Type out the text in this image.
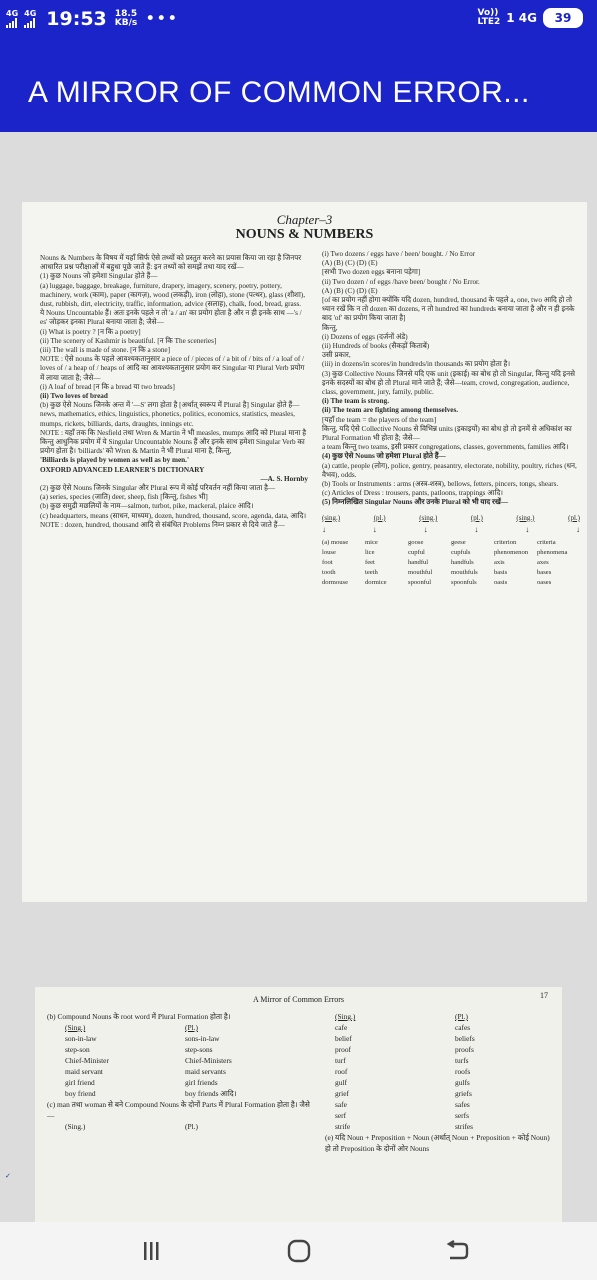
4G 4G 19:53 18.5
KB/s •••	Vo))
LTE2 1 4G 39
A MIRROR OF COMMON ERROR...
Chapter–3
NOUNS & NUMBERS

Nouns & Numbers के विषय में यहाँ सिर्फ ऐसे तथ्यों को प्रस्तुत करने का प्रयास किया जा रहा है जिनपर आधारित प्रश्न परीक्षाओं में बहुधा पूछे जाते हैं: इन तथ्यों को समझें तथा याद रखें—

(1) कुछ Nouns जो हमेशा Singular होते हैं—

(a) luggage, baggage, breakage, furniture, drapery, imagery, scenery, poetry, pottery, machinery, work (काम), paper (कागज़), wood (लकड़ी), iron (लोहा), stone (पत्थर), glass (शीशा), dust, rubbish, dirt, electricity, traffic, information, advice (सलाह), chalk, food, bread, grass.

ये Nouns Uncountable हैं। अतः इनके पहले न तो 'a / an' का प्रयोग होता है और न ही इनके साथ —'s / es' जोड़कर इनका Plural बनाया जाता है; जैसे—

(i) What is poetry ? [न कि a poetry]

(ii) The scenery of Kashmir is beautiful. [न कि The sceneries]

(iii) The wall is made of stone. [न कि a stone]

NOTE : ऐसे nouns के पहले आवश्यकतानुसार a piece of / pieces of / a bit of / bits of / a loaf of / loves of / a heap of / heaps of आदि का आवश्यकतानुसार प्रयोग कर Singular या Plural Verb प्रयोग में लाया जाता है; जैसे—

(i) A loaf of bread [न कि a bread या two breads]

(ii) Two loves of bread

(b) कुछ ऐसे Nouns जिनके अन्त में '—S' लगा होता है [अर्थात् स्वरूप में Plural है] Singular होते हैं—

news, mathematics, ethics, linguistics, phonetics, politics, economics, statistics, measles, mumps, rickets, billiards, darts, draughts, innings etc.

NOTE : यहाँ तक कि Nesfield तथा Wren & Martin ने भी measles, mumps आदि को Plural माना है किन्तु आधुनिक प्रयोग में ये Singular Uncountable Nouns हैं और इनके साथ हमेशा Singular Verb का प्रयोग होता है। 'billiards' को Wren & Martin ने भी Plural माना है, किन्तु,

'Billiards is played by women as well as by men.'

OXFORD ADVANCED LEARNER'S DICTIONARY

—A. S. Hornby

(2) कुछ ऐसे Nouns जिनके Singular और Plural रूप में कोई परिवर्तन नहीं किया जाता है—

(a) series, species (जाति) deer, sheep, fish [किन्तु, fishes भी]

(b) कुछ समुद्री मछलियों के नाम—salmon, turbot, pike, mackeral, plaice आदि।

(c) headquarters, means (साधन, माध्यम), dozen, hundred, thousand, score, agenda, data, आदि।

NOTE : dozen, hundred, thousand आदि से संबंधित Problems निम्न प्रकार से दिये जाते हैं—

(i) Two dozens / eggs have / been/ bought. / No Error

(A) (B) (C) (D) (E)

[सभी Two dozen eggs बनाना पड़ेगा]

(ii) Two dozen / of eggs /have been/ bought / No Error.

(A) (B) (C) (D) (E)

[of का प्रयोग नहीं होगा क्योंकि यदि dozen, hundred, thousand के पहले a, one, two आदि हो तो ध्यान रखें कि न तो dozen का dozens, न तो hundred का hundreds बनाया जाता है और न ही इनके बाद 'of' का प्रयोग किया जाता है]

किन्तु,

(i) Dozens of eggs (दर्जनों अंडे)

(ii) Hundreds of books (सैकड़ों किताबें)

उसी प्रकार,

(iii) in dozens/in scores/in hundreds/in thousands का प्रयोग होता है।

(3) कुछ Collective Nouns जिनसे यदि एक unit (इकाई) का बोध हो तो Singular, किन्तु यदि इनसे इनके सदस्यों का बोध हो तो Plural माने जाते हैं; जैसे—team, crowd, congregation, audience, class, government, jury, family, public.

(i) The team is strong.

(ii) The team are fighting among themselves.

[यहाँ the team = the players of the team]

किन्तु, यदि ऐसे Collective Nouns से विभिन्न units (इकाइयों) का बोध हो तो इनमें से अधिकांश का Plural Formation भी होता है; जैसे—

a team किन्तु two teams, इसी प्रकार congregations, classes, governments, families आदि।

(4) कुछ ऐसे Nouns जो हमेशा Plural होते हैं—

(a) cattle, people (लोग), police, gentry, peasantry, electorate, nobility, poultry, riches (धन, वैभव), odds.

(b) Tools or Instruments : arms (अस्त्र-शस्त्र), bellows, fetters, pincers, tongs, shears.

(c) Articles of Dress : trousers, pants, patloons, trappings आदि।

(5) निम्नलिखित Singular Nouns और उनके Plural को भी याद रखें—

(sing.)	(pl.)	(sing.)	(pl.)	(sing.)	(pl.)
↓	↓	↓	↓	↓	↓
(a) mouse	mice	goose	geese	criterion	criteria
louse	lice	cupful	cupfuls	phenomenon	phenomena
foot	feet	handful	handfuls	axis	axes
tooth	teeth	mouthful	mouthfuls	basis	bases
dormouse	dormice	spoonful	spoonfuls	oasis	oases
A Mirror of Common Errors	17

(b) Compound Nouns के root word में Plural Formation होता है।

(Sing.)	(Pl.)
son-in-law	sons-in-law
step-son	step-sons
Chief-Minister	Chief-Ministers
maid servant	maid servants
girl friend	girl friends
boy friend	boy friends आदि।

(c) man तथा woman से बने Compound Nouns के दोनों Parts में Plural Formation होता है। जैसे—

(Sing.)	(Pl.)
(Sing.)	(Pl.)
cafe	cafes
belief	beliefs
proof	proofs
turf	turfs
roof	roofs
gulf	gulfs
grief	griefs
safe	safes
serf	serfs
strife	strifes

(e) यदि Noun + Preposition + Noun (अर्थात् Noun + Preposition + कोई Noun) हो तो Preposition के दोनों ओर Nouns

✓
